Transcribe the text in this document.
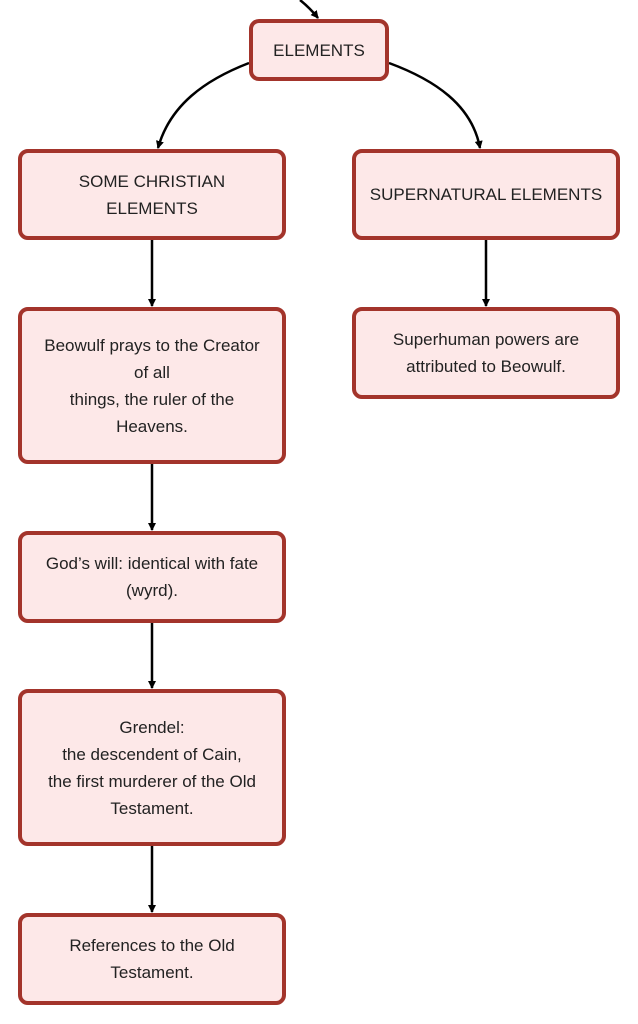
ELEMENTS
SOME CHRISTIAN
ELEMENTS
SUPERNATURAL ELEMENTS
Beowulf prays to the Creator
of all
things, the ruler of the
Heavens.
Superhuman powers are
attributed to Beowulf.
God’s will: identical with fate
(wyrd).
Grendel:
the descendent of Cain,
the first murderer of the Old
Testament.
References to the Old
Testament.
